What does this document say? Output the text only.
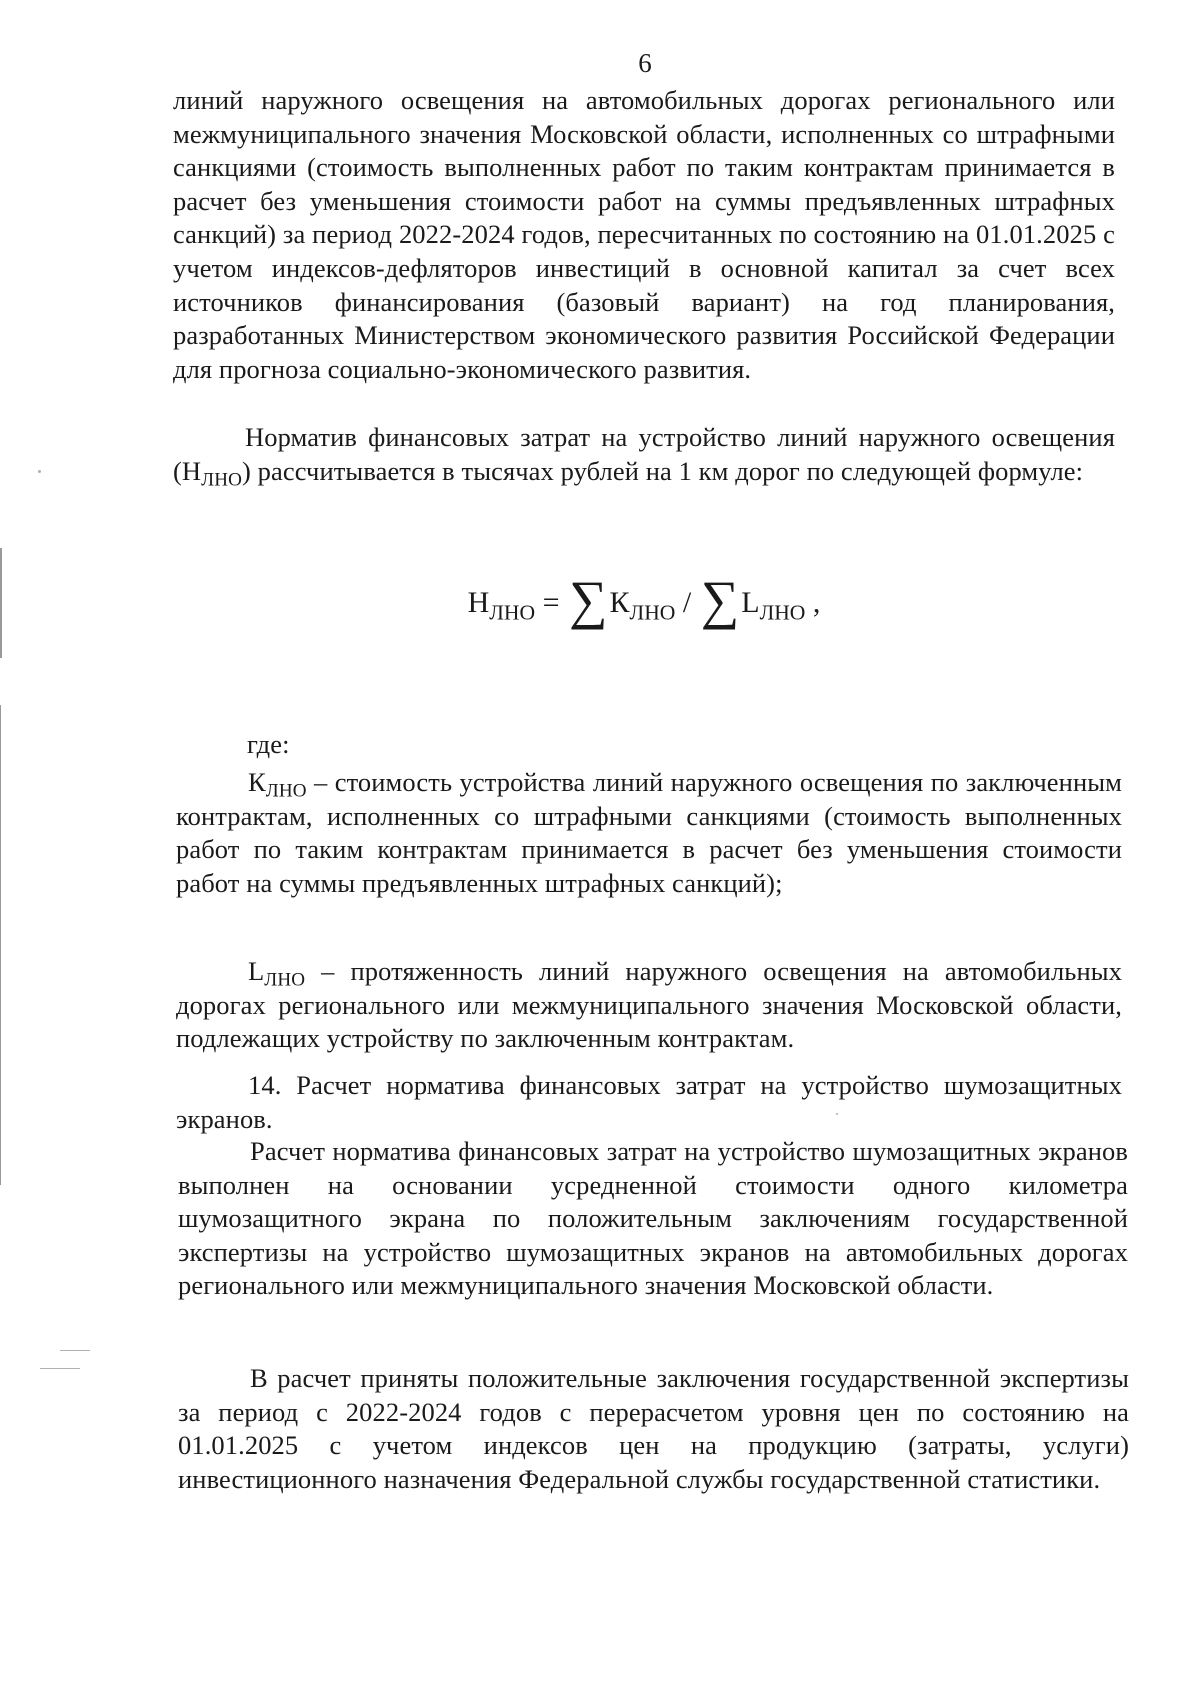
6
линий наружного освещения на автомобильных дорогах регионального или межмуниципального значения Московской области, исполненных со штрафными санкциями (стоимость выполненных работ по таким контрактам принимается в расчет без уменьшения стоимости работ на суммы предъявленных штрафных санкций) за период 2022-2024 годов, пересчитанных по состоянию на 01.01.2025 с учетом индексов-дефляторов инвестиций в основной капитал за счет всех источников финансирования (базовый вариант) на год планирования, разработанных Министерством экономического развития Российской Федерации для прогноза социально-экономического развития.
Норматив финансовых затрат на устройство линий наружного освещения $(Н_{ЛНО})$ рассчитывается в тысячах рублей на 1 км дорог по следующей формуле:
$Н_{ЛНО} = \sum К_{ЛНО} / \sum L_{ЛНО}$ ,
где:
$К_{ЛНО}$ – стоимость устройства линий наружного освещения по заключенным контрактам, исполненных со штрафными санкциями (стоимость выполненных работ по таким контрактам принимается в расчет без уменьшения стоимости работ на суммы предъявленных штрафных санкций);
$L_{ЛНО}$ – протяженность линий наружного освещения на автомобильных дорогах регионального или межмуниципального значения Московской области, подлежащих устройству по заключенным контрактам.
14. Расчет норматива финансовых затрат на устройство шумозащитных экранов.
Расчет норматива финансовых затрат на устройство шумозащитных экранов выполнен на основании усредненной стоимости одного километра шумозащитного экрана по положительным заключениям государственной экспертизы на устройство шумозащитных экранов на автомобильных дорогах регионального или межмуниципального значения Московской области.
В расчет приняты положительные заключения государственной экспертизы за период с 2022-2024 годов с перерасчетом уровня цен по состоянию на 01.01.2025 с учетом индексов цен на продукцию (затраты, услуги) инвестиционного назначения Федеральной службы государственной статистики.
